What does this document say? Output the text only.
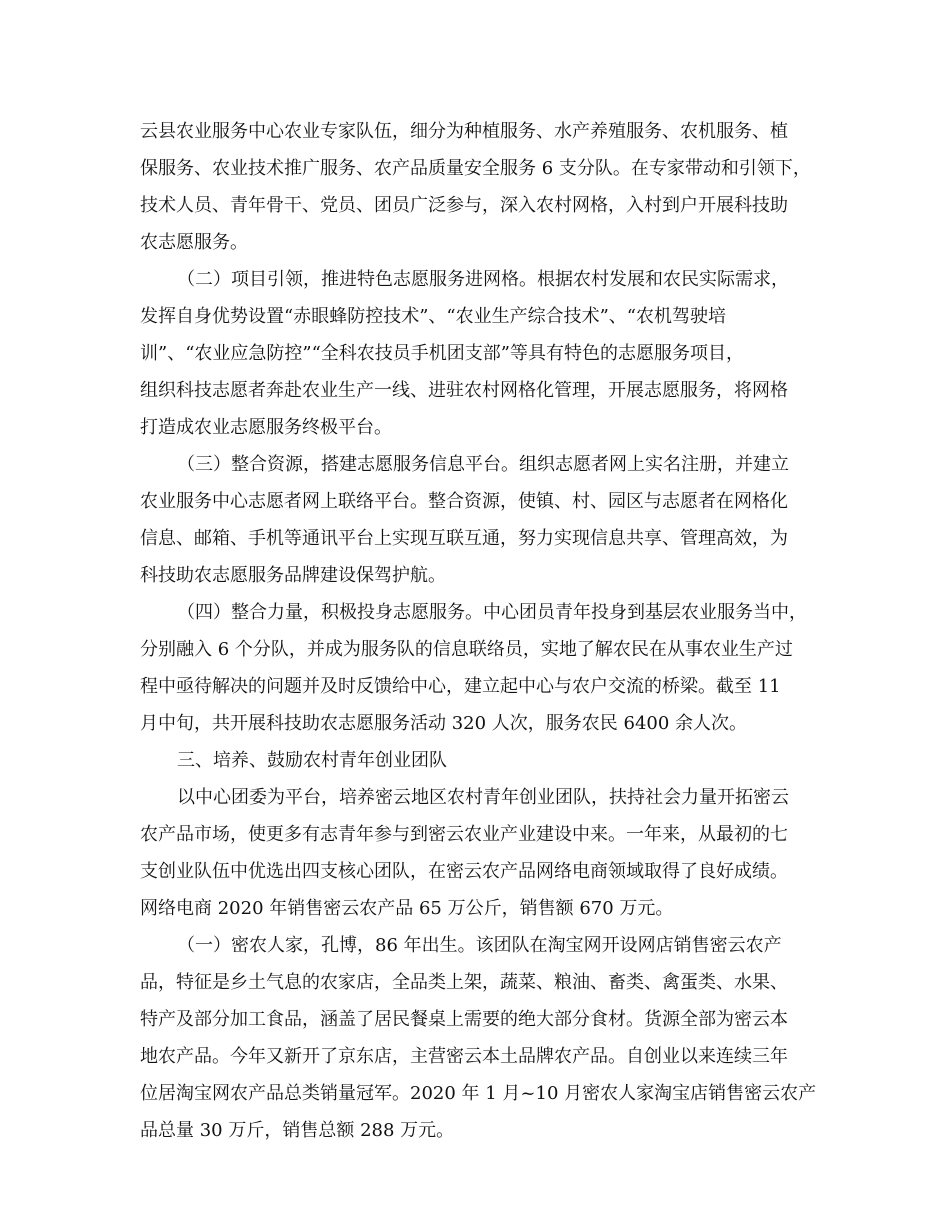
云县农业服务中心农业专家队伍，细分为种植服务、水产养殖服务、农机服务、植

保服务、农业技术推广服务、农产品质量安全服务 6 支分队。在专家带动和引领下，

技术人员、青年骨干、党员、团员广泛参与，深入农村网格，入村到户开展科技助

农志愿服务。

（二）项目引领，推进特色志愿服务进网格。根据农村发展和农民实际需求，

发挥自身优势设置“赤眼蜂防控技术”、“农业生产综合技术”、“农机驾驶培

训”、“农业应急防控”“全科农技员手机团支部”等具有特色的志愿服务项目，

组织科技志愿者奔赴农业生产一线、进驻农村网格化管理，开展志愿服务，将网格

打造成农业志愿服务终极平台。

（三）整合资源，搭建志愿服务信息平台。组织志愿者网上实名注册，并建立

农业服务中心志愿者网上联络平台。整合资源，使镇、村、园区与志愿者在网格化

信息、邮箱、手机等通讯平台上实现互联互通，努力实现信息共享、管理高效，为

科技助农志愿服务品牌建设保驾护航。

（四）整合力量，积极投身志愿服务。中心团员青年投身到基层农业服务当中，

分别融入 6 个分队，并成为服务队的信息联络员，实地了解农民在从事农业生产过

程中亟待解决的问题并及时反馈给中心，建立起中心与农户交流的桥梁。截至 11

月中旬，共开展科技助农志愿服务活动 320 人次，服务农民 6400 余人次。

三、培养、鼓励农村青年创业团队

以中心团委为平台，培养密云地区农村青年创业团队，扶持社会力量开拓密云

农产品市场，使更多有志青年参与到密云农业产业建设中来。一年来，从最初的七

支创业队伍中优选出四支核心团队，在密云农产品网络电商领域取得了良好成绩。

网络电商 2020 年销售密云农产品 65 万公斤，销售额 670 万元。

（一）密农人家，孔博，86 年出生。该团队在淘宝网开设网店销售密云农产

品，特征是乡土气息的农家店，全品类上架，蔬菜、粮油、畜类、禽蛋类、水果、

特产及部分加工食品，涵盖了居民餐桌上需要的绝大部分食材。货源全部为密云本

地农产品。今年又新开了京东店，主营密云本土品牌农产品。自创业以来连续三年

位居淘宝网农产品总类销量冠军。2020 年 1 月~10 月密农人家淘宝店销售密云农产

品总量 30 万斤，销售总额 288 万元。
